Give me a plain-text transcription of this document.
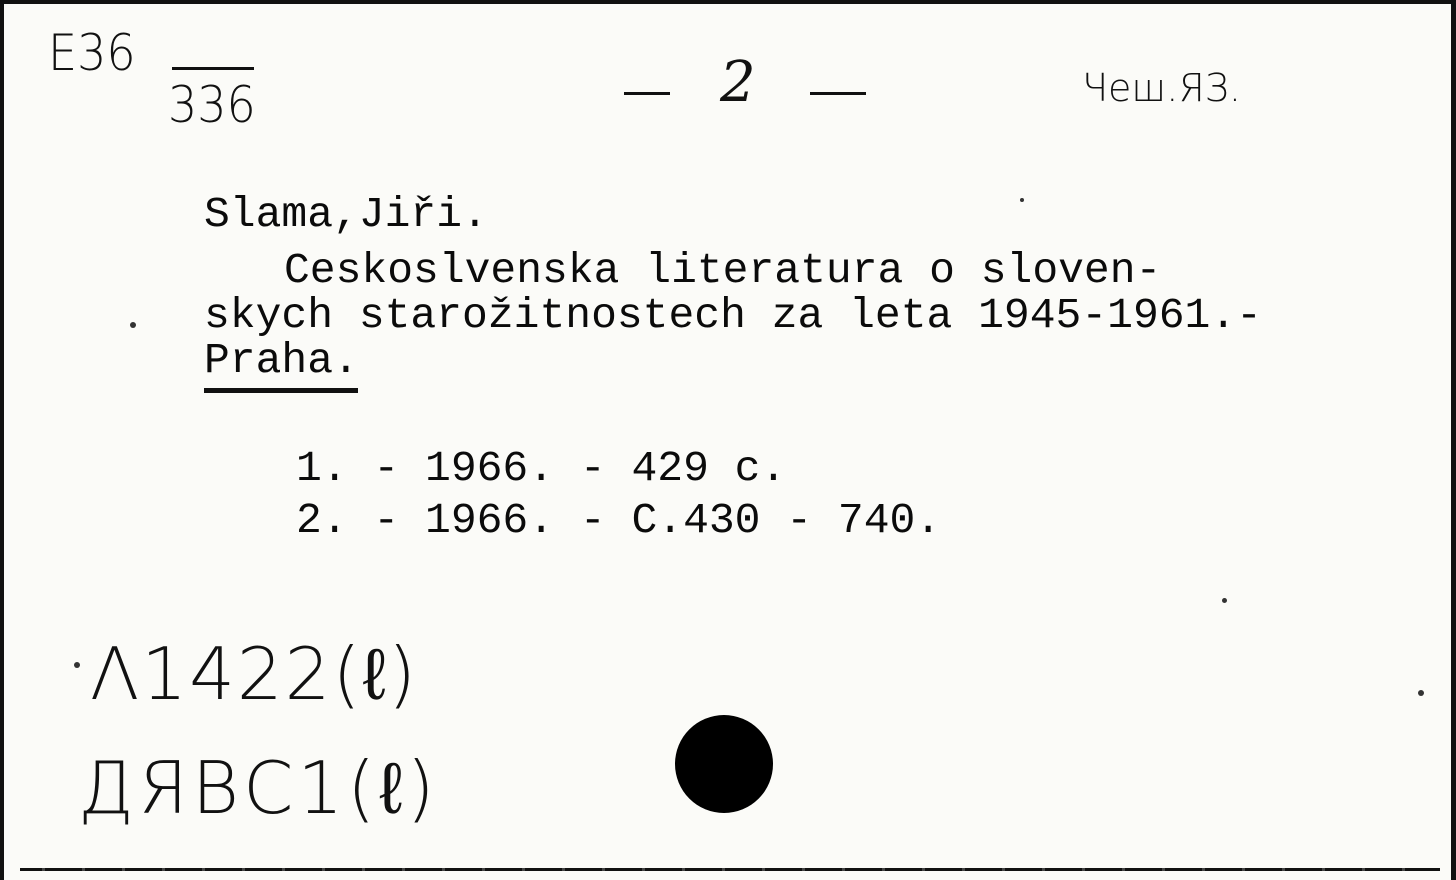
E36
336	2	Чеш.ЯЗ.
Slama,Jiři.
Ceskoslvenska literatura o sloven-
skych starožitnostech za leta 1945-1961.-
Praha.
1. - 1966. - 429 c.
2. - 1966. - C.430 - 740.
Λ1422(ℓ)
ДЯВС1(ℓ)
